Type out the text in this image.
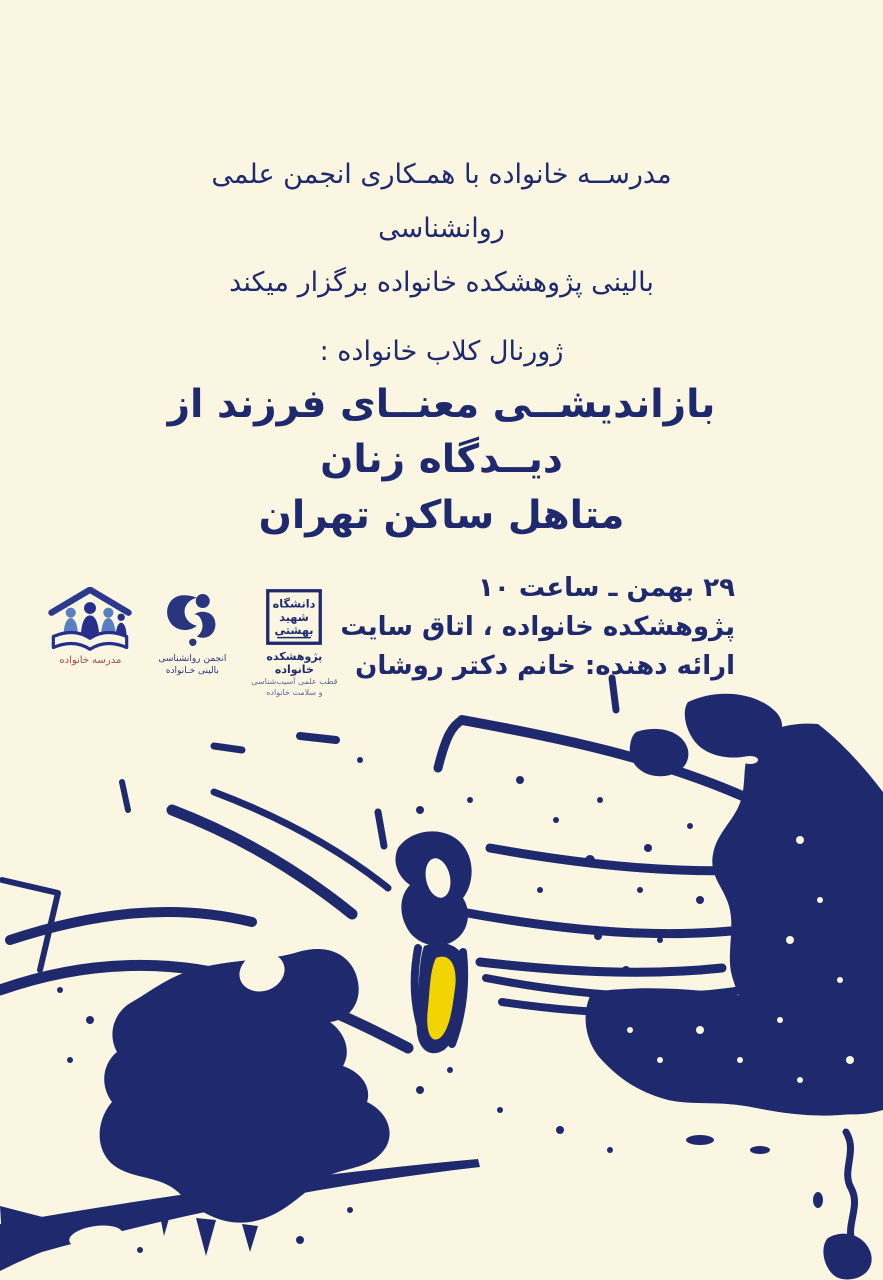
مدرســه خانواده با همـکاری انجمن علمی روانشناسی
بالینی پژوهشکده خانواده برگزار میکند
ژورنال کلاب خانواده :
بازاندیشــی معنــای فرزند از دیــدگاه زنان
متاهل ساکن تهران
۲۹ بهمن ـ ساعت ۱۰
پژوهشکده خانواده ، اتاق سایت
ارائه دهنده: خانم دکتر روشان
مدرسه خانواده	انجمن روانشناسی
بالینی خـانواده
دانشگاه
شهید
بهشتی
پژوهشکده خانواده
قطب علمی آسیب‌شناسی
و سلامت خانواده
